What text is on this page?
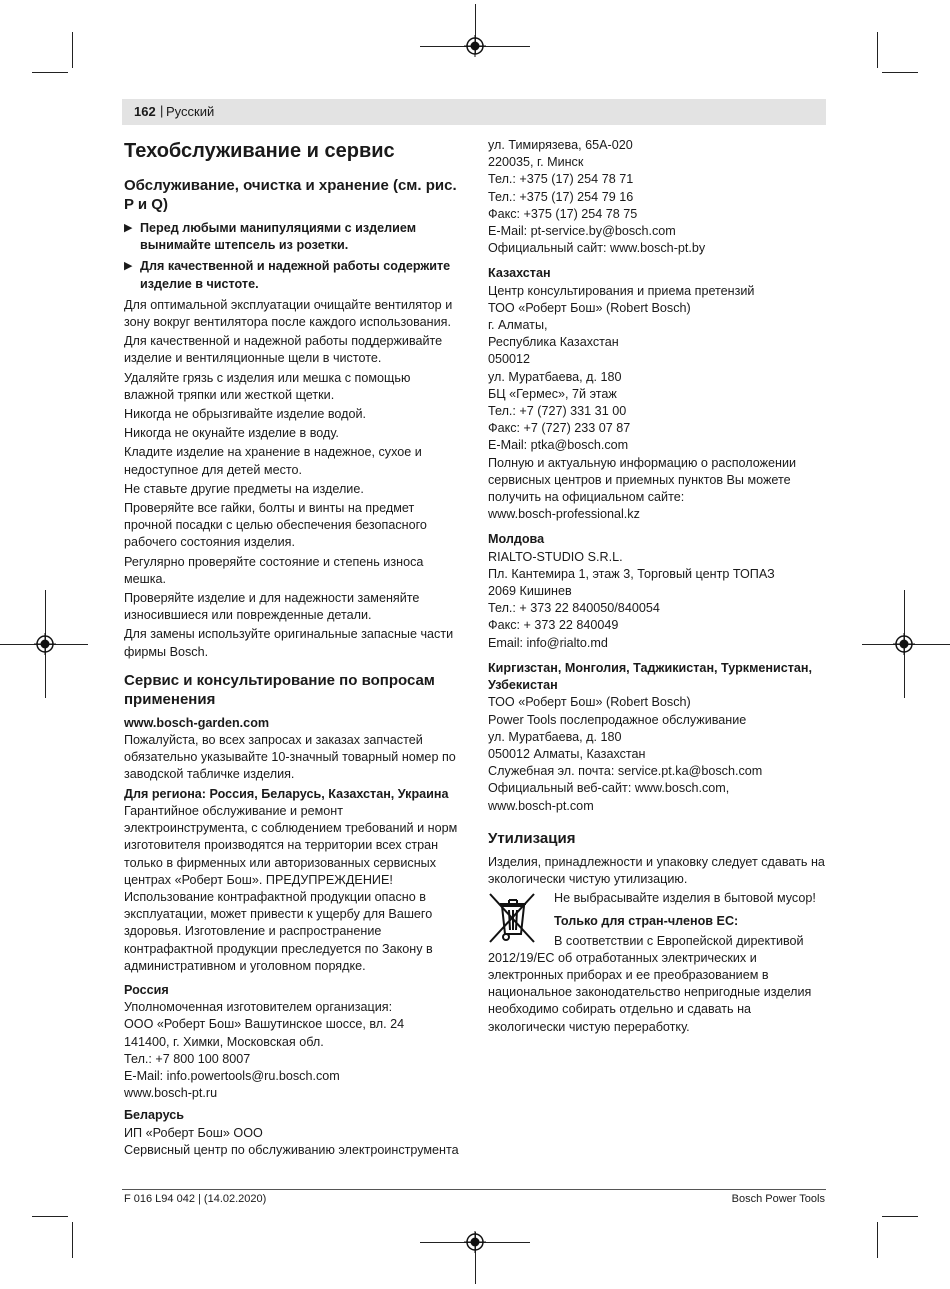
162 | Русский
Техобслуживание и сервис
Обслуживание, очистка и хранение (см. рис. P и Q)
▶ Перед любыми манипуляциями с изделием вынимайте штепсель из розетки.
▶ Для качественной и надежной работы содержите изделие в чистоте.

Для оптимальной эксплуатации очищайте вентилятор и зону вокруг вентилятора после каждого использования.

Для качественной и надежной работы поддерживайте изделие и вентиляционные щели в чистоте.

Удаляйте грязь с изделия или мешка с помощью влажной тряпки или жесткой щетки.

Никогда не обрызгивайте изделие водой.

Никогда не окунайте изделие в воду.

Кладите изделие на хранение в надежное, сухое и недоступное для детей место.

Не ставьте другие предметы на изделие.

Проверяйте все гайки, болты и винты на предмет прочной посадки с целью обеспечения безопасного рабочего состояния изделия.

Регулярно проверяйте состояние и степень износа мешка.

Проверяйте изделие и для надежности заменяйте износившиеся или поврежденные детали.

Для замены используйте оригинальные запасные части фирмы Bosch.

Сервис и консультирование по вопросам применения

www.bosch-garden.com

Пожалуйста, во всех запросах и заказах запчастей обязательно указывайте 10-значный товарный номер по заводской табличке изделия.

Для региона: Россия, Беларусь, Казахстан, Украина

Гарантийное обслуживание и ремонт электроинструмента, с соблюдением требований и норм изготовителя производятся на территории всех стран только в фирменных или авторизованных сервисных центрах «Роберт Бош». ПРЕДУПРЕЖДЕНИЕ! Использование контрафактной продукции опасно в эксплуатации, может привести к ущербу для Вашего здоровья. Изготовление и распространение контрафактной продукции преследуется по Закону в административном и уголовном порядке.

Россия

Уполномоченная изготовителем организация:
ООО «Роберт Бош» Вашутинское шоссе, вл. 24
141400, г. Химки, Московская обл.
Тел.: +7 800 100 8007
E-Mail: info.powertools@ru.bosch.com
www.bosch-pt.ru

Беларусь

ИП «Роберт Бош» ООО
Сервисный центр по обслуживанию электроинструмента
ул. Тимирязева, 65А-020
220035, г. Минск
Тел.: +375 (17) 254 78 71
Тел.: +375 (17) 254 79 16
Факс: +375 (17) 254 78 75
E-Mail: pt-service.by@bosch.com
Официальный сайт: www.bosch-pt.by

Казахстан

Центр консультирования и приема претензий
ТОО «Роберт Бош» (Robert Bosch)
г. Алматы,
Республика Казахстан
050012
ул. Муратбаева, д. 180
БЦ «Гермес», 7й этаж
Тел.: +7 (727) 331 31 00
Факс: +7 (727) 233 07 87
E-Mail: ptka@bosch.com
Полную и актуальную информацию о расположении сервисных центров и приемных пунктов Вы можете получить на официальном сайте:
www.bosch-professional.kz

Молдова

RIALTO-STUDIO S.R.L.
Пл. Кантемира 1, этаж 3, Торговый центр ТОПАЗ
2069 Кишинев
Тел.: + 373 22 840050/840054
Факс: + 373 22 840049
Email: info@rialto.md

Киргизстан, Монголия, Таджикистан, Туркменистан, Узбекистан

ТОО «Роберт Бош» (Robert Bosch)
Power Tools послепродажное обслуживание
ул. Муратбаева, д. 180
050012 Алматы, Казахстан
Служебная эл. почта: service.pt.ka@bosch.com
Официальный веб-сайт: www.bosch.com,
www.bosch-pt.com
Утилизация

Изделия, принадлежности и упаковку следует сдавать на экологически чистую утилизацию.

Не выбрасывайте изделия в бытовой мусор!

Только для стран-членов ЕС:

В соответствии с Европейской директивой

2012/19/ЕС об отработанных электрических и электронных приборах и ее преобразованием в национальное законодательство непригодные изделия необходимо собирать отдельно и сдавать на экологически чистую переработку.

F 016 L94 042 | (14.02.2020)	Bosch Power Tools
